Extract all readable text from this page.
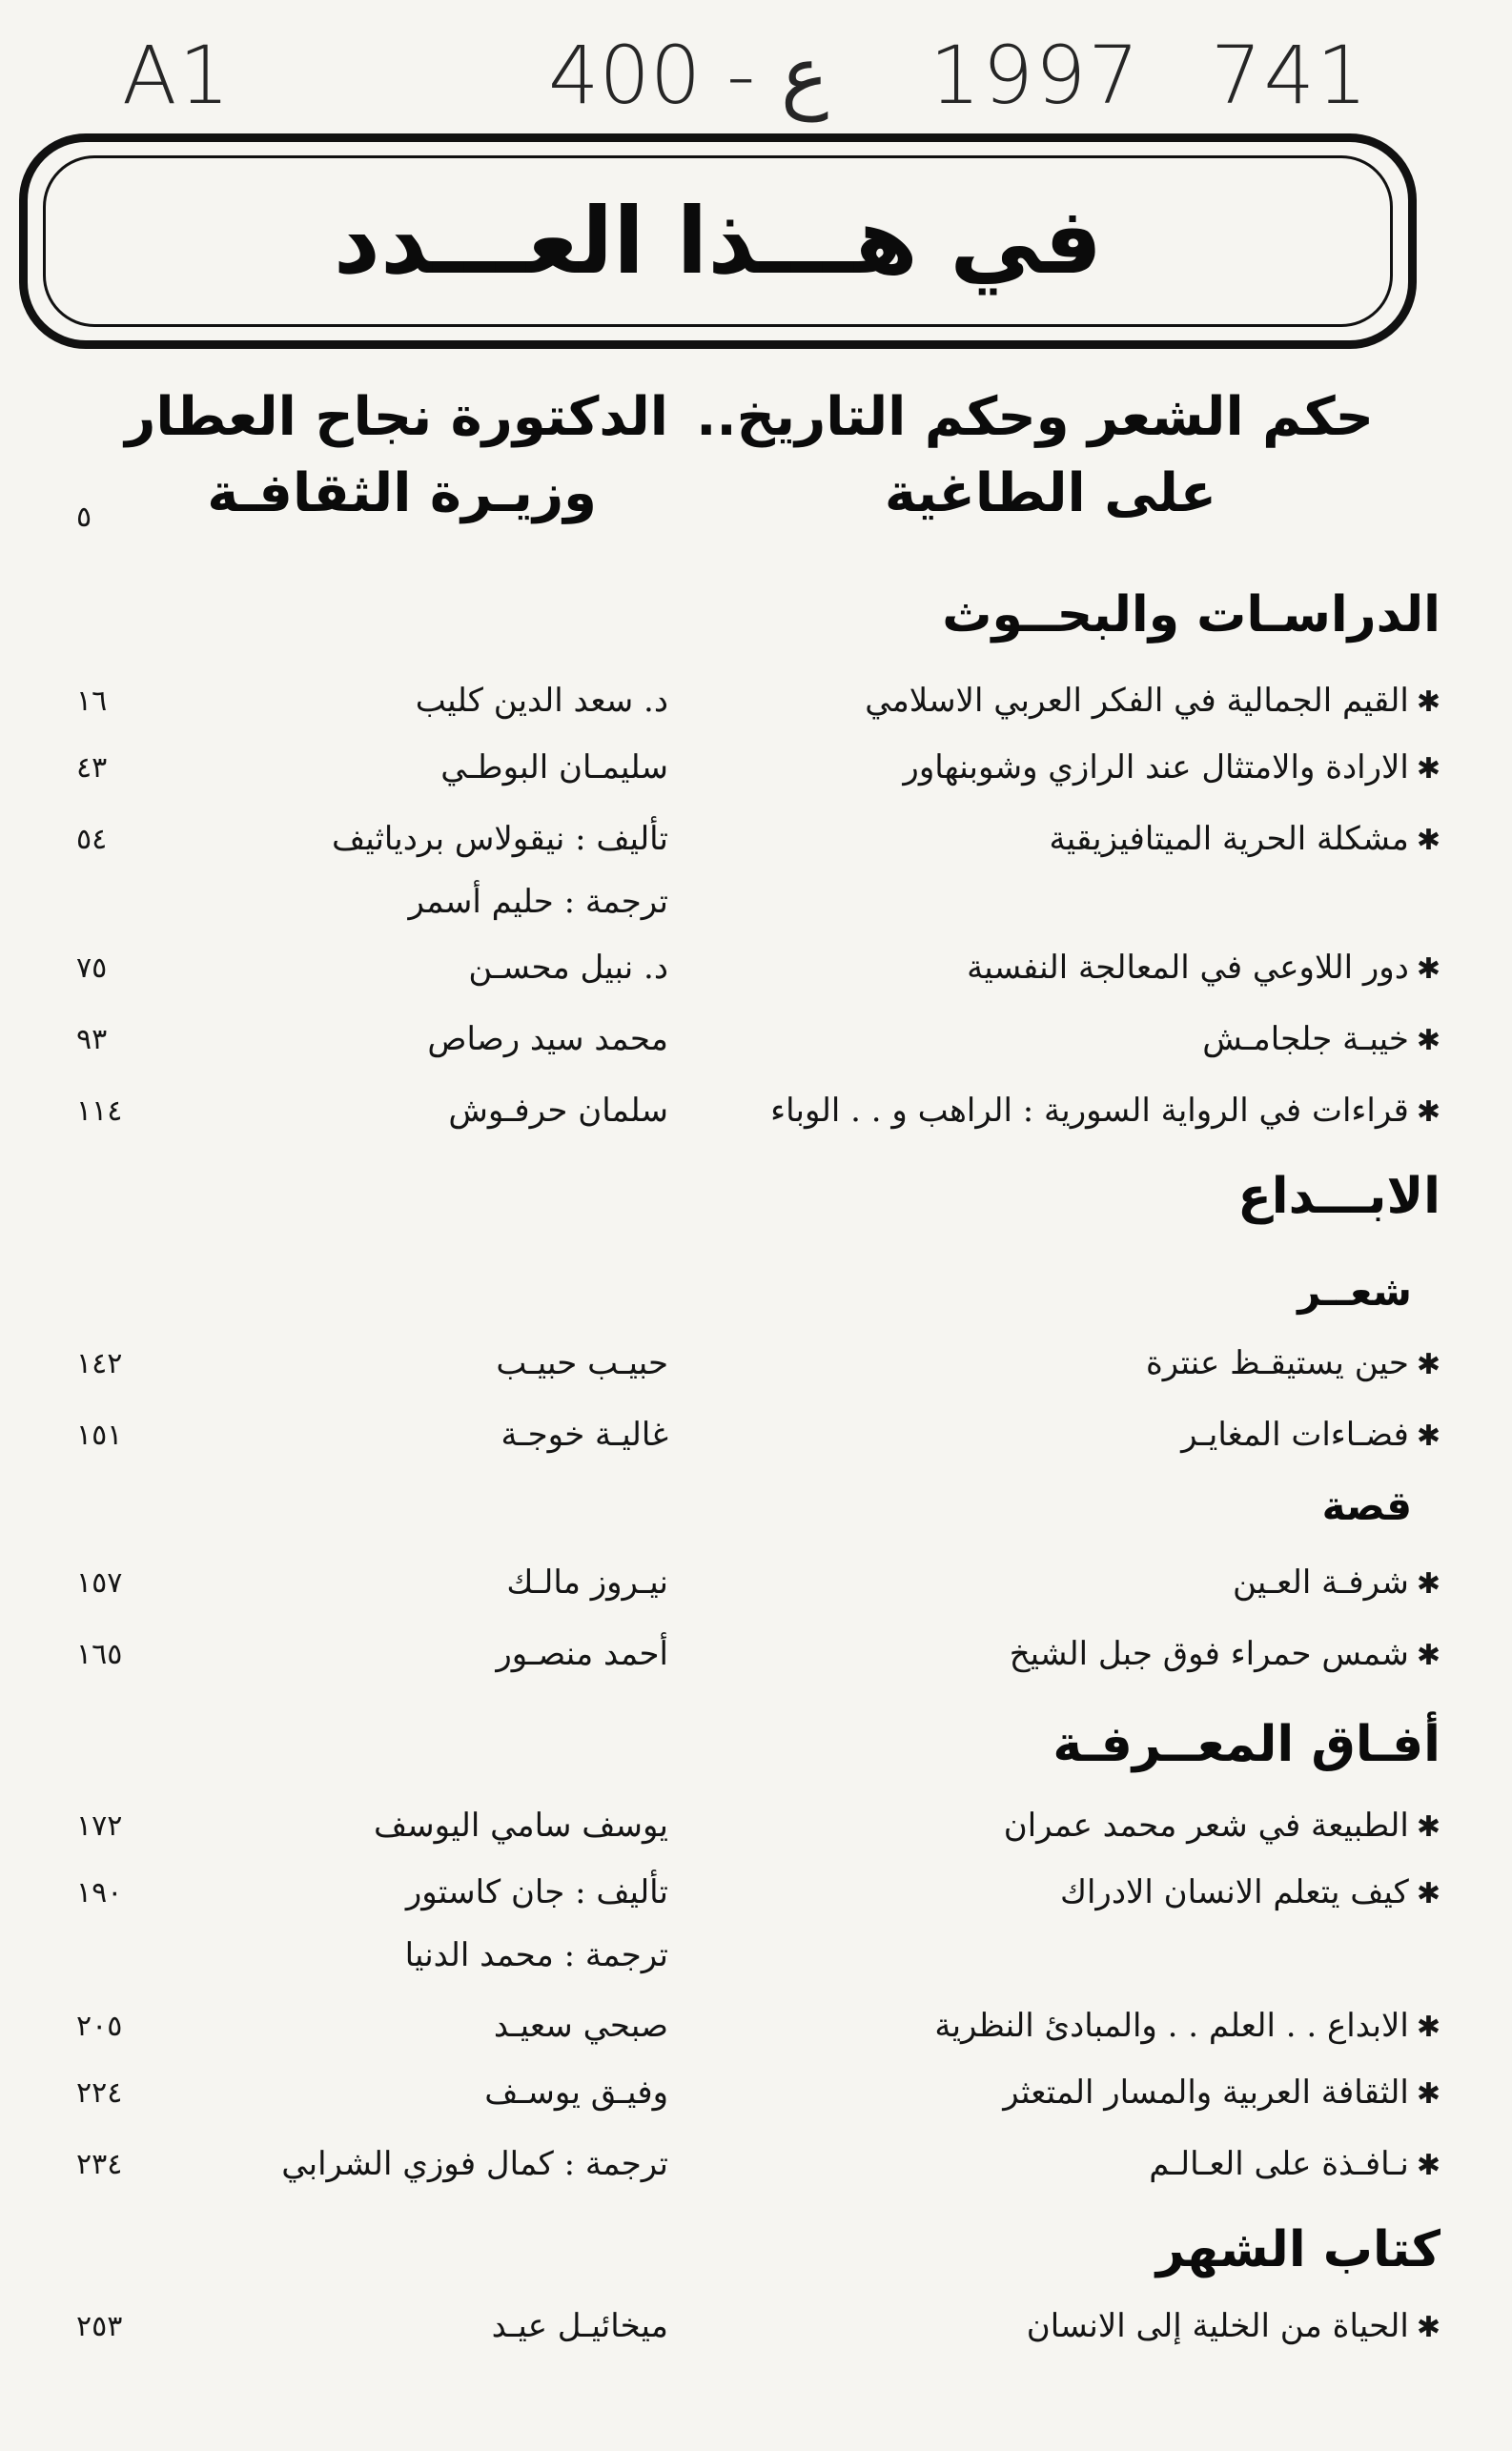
A1	400 - ع 1997 741
في هـــذا العـــدد
حكم الشعر وحكم التاريخ..
على الطاغية
الدكتورة نجاح العطار
وزيـرة الثقافـة
٥
الدراسـات والبحــوث
الابـــداع
شعــر
قصة
أفـاق المعــرفـة
كتاب الشهر
✱القيم الجمالية في الفكر العربي الاسلامي
د. سعد الدين كليب
١٦
✱الارادة والامتثال عند الرازي وشوبنهاور
سليمـان البوطـي
٤٣
✱مشكلة الحرية الميتافيزيقية
تأليف : نيقولاس بردياثيف
ترجمة : حليم أسمر
٥٤
✱دور اللاوعي في المعالجة النفسية
د. نبيل محسـن
٧٥
✱خيبـة جلجامـش
محمد سيد رصاص
٩٣
✱قراءات في الرواية السورية : الراهب و . . الوباء
سلمان حرفـوش
١١٤
✱حين يستيقـظ عنترة
حبيـب حبيـب
١٤٢
✱فضـاءات المغايـر
غاليـة خوجـة
١٥١
✱شرفـة العـين
نيـروز مالـك
١٥٧
✱شمس حمراء فوق جبل الشيخ
أحمد منصـور
١٦٥
✱الطبيعة في شعر محمد عمران
يوسف سامي اليوسف
١٧٢
✱كيف يتعلم الانسان الادراك
تأليف : جان كاستور
ترجمة : محمد الدنيا
١٩٠
✱الابداع . . العلم . . والمبادئ النظرية
صبحي سعيـد
٢٠٥
✱الثقافة العربية والمسار المتعثر
وفيـق يوسـف
٢٢٤
✱نـافـذة على العـالـم
ترجمة : كمال فوزي الشرابي
٢٣٤
✱الحياة من الخلية إلى الانسان
ميخائيـل عيـد
٢٥٣
